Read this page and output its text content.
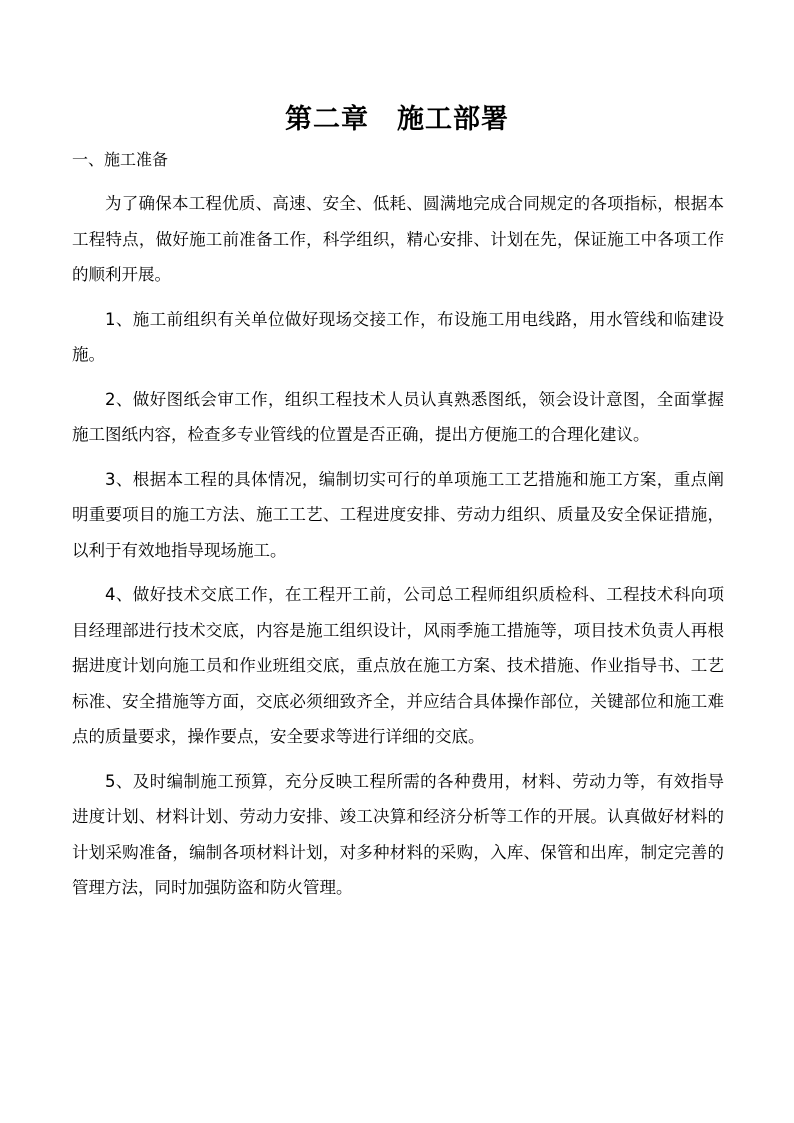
第二章　施工部署
一、施工准备

为了确保本工程优质、高速、安全、低耗、圆满地完成合同规定的各项指标，根据本工程特点，做好施工前准备工作，科学组织，精心安排、计划在先，保证施工中各项工作的顺利开展。

1、施工前组织有关单位做好现场交接工作，布设施工用电线路，用水管线和临建设施。

2、做好图纸会审工作，组织工程技术人员认真熟悉图纸，领会设计意图，全面掌握施工图纸内容，检查多专业管线的位置是否正确，提出方便施工的合理化建议。

3、根据本工程的具体情况，编制切实可行的单项施工工艺措施和施工方案，重点阐明重要项目的施工方法、施工工艺、工程进度安排、劳动力组织、质量及安全保证措施，以利于有效地指导现场施工。

4、做好技术交底工作，在工程开工前，公司总工程师组织质检科、工程技术科向项目经理部进行技术交底，内容是施工组织设计，风雨季施工措施等，项目技术负责人再根据进度计划向施工员和作业班组交底，重点放在施工方案、技术措施、作业指导书、工艺标准、安全措施等方面，交底必须细致齐全，并应结合具体操作部位，关键部位和施工难点的质量要求，操作要点，安全要求等进行详细的交底。

5、及时编制施工预算，充分反映工程所需的各种费用，材料、劳动力等，有效指导进度计划、材料计划、劳动力安排、竣工决算和经济分析等工作的开展。认真做好材料的计划采购准备，编制各项材料计划，对多种材料的采购，入库、保管和出库，制定完善的管理方法，同时加强防盗和防火管理。
